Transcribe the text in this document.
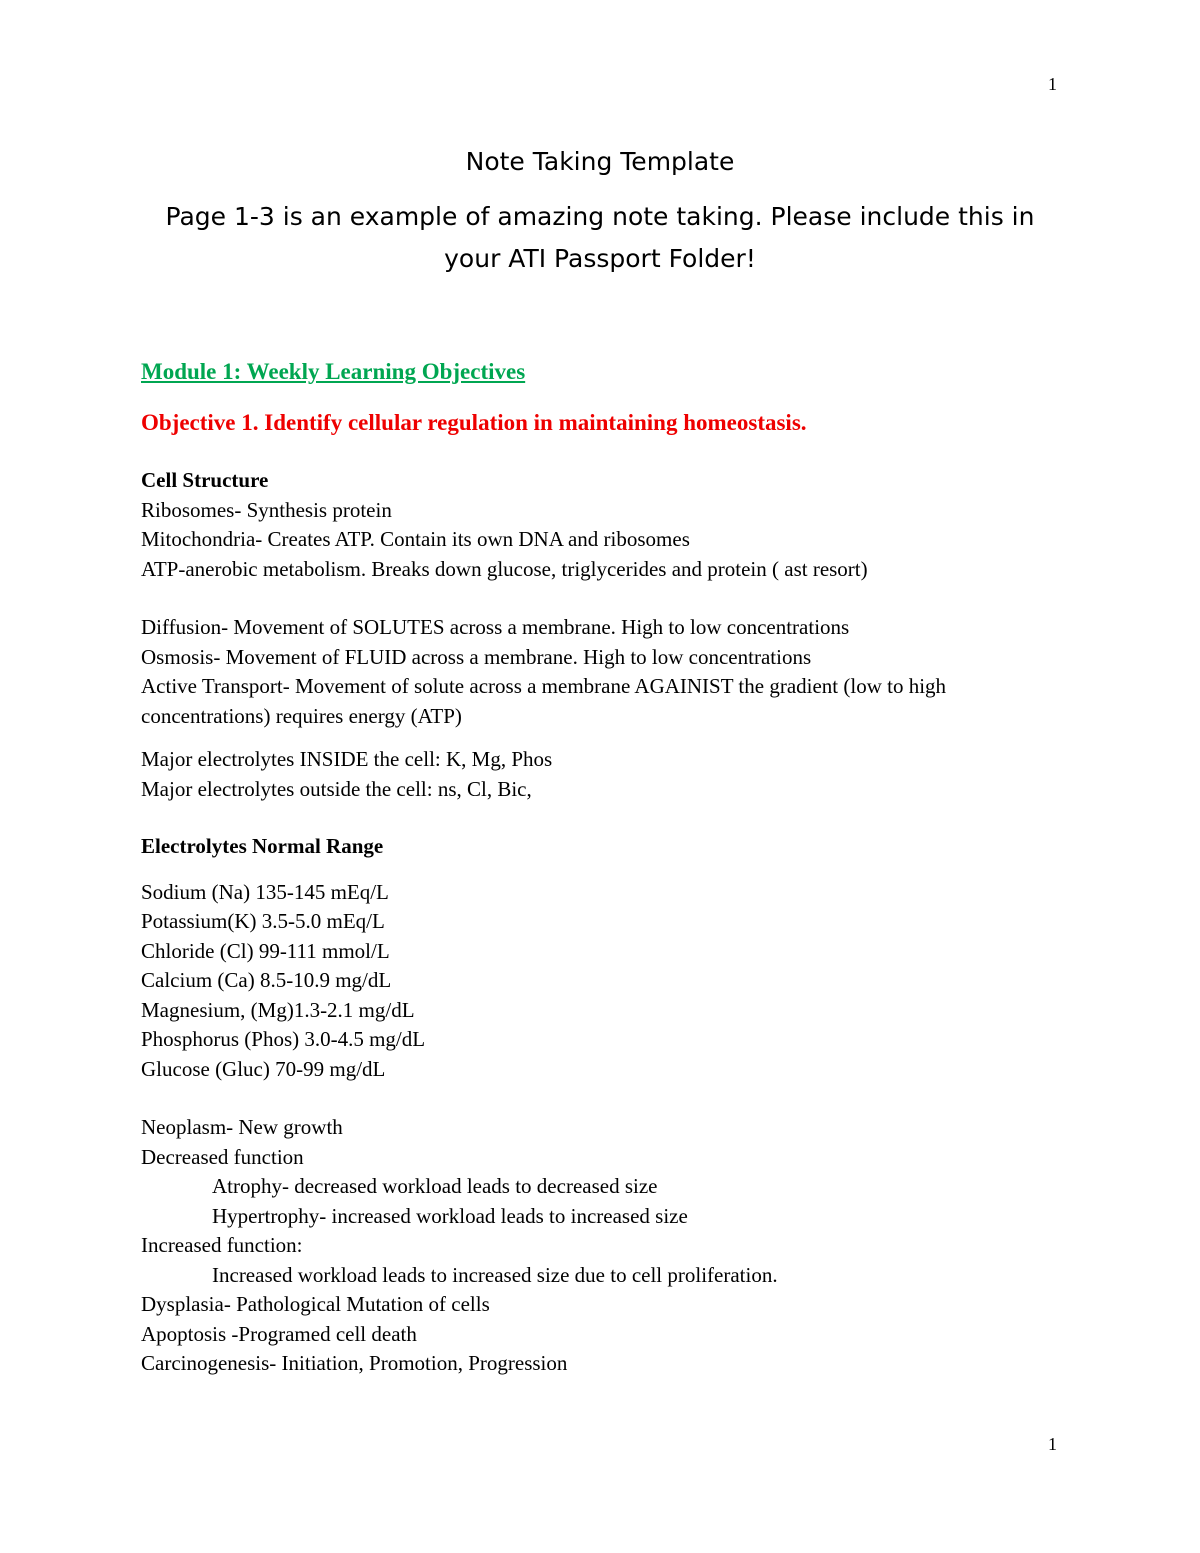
1

Note Taking Template

Page 1-3 is an example of amazing note taking. Please include this in your ATI Passport Folder!

Module 1: Weekly Learning Objectives

Objective 1. Identify cellular regulation in maintaining homeostasis.

Cell Structure

Ribosomes- Synthesis protein

Mitochondria- Creates ATP. Contain its own DNA and ribosomes

ATP-anerobic metabolism. Breaks down glucose, triglycerides and protein ( ast resort)

Diffusion- Movement of SOLUTES across a membrane. High to low concentrations

Osmosis- Movement of FLUID across a membrane. High to low concentrations

Active Transport- Movement of solute across a membrane AGAINIST the gradient (low to high concentrations) requires energy (ATP)

Major electrolytes INSIDE the cell: K, Mg, Phos

Major electrolytes outside the cell: ns, Cl, Bic,

Electrolytes Normal Range

Sodium (Na) 135-145 mEq/L

Potassium(K) 3.5-5.0 mEq/L

Chloride (Cl) 99-111 mmol/L

Calcium (Ca) 8.5-10.9 mg/dL

Magnesium, (Mg)1.3-2.1 mg/dL

Phosphorus (Phos) 3.0-4.5 mg/dL

Glucose (Gluc) 70-99 mg/dL

Neoplasm- New growth

Decreased function

Atrophy- decreased workload leads to decreased size

Hypertrophy- increased workload leads to increased size

Increased function:

Increased workload leads to increased size due to cell proliferation.

Dysplasia- Pathological Mutation of cells

Apoptosis -Programed cell death

Carcinogenesis- Initiation, Promotion, Progression

1
